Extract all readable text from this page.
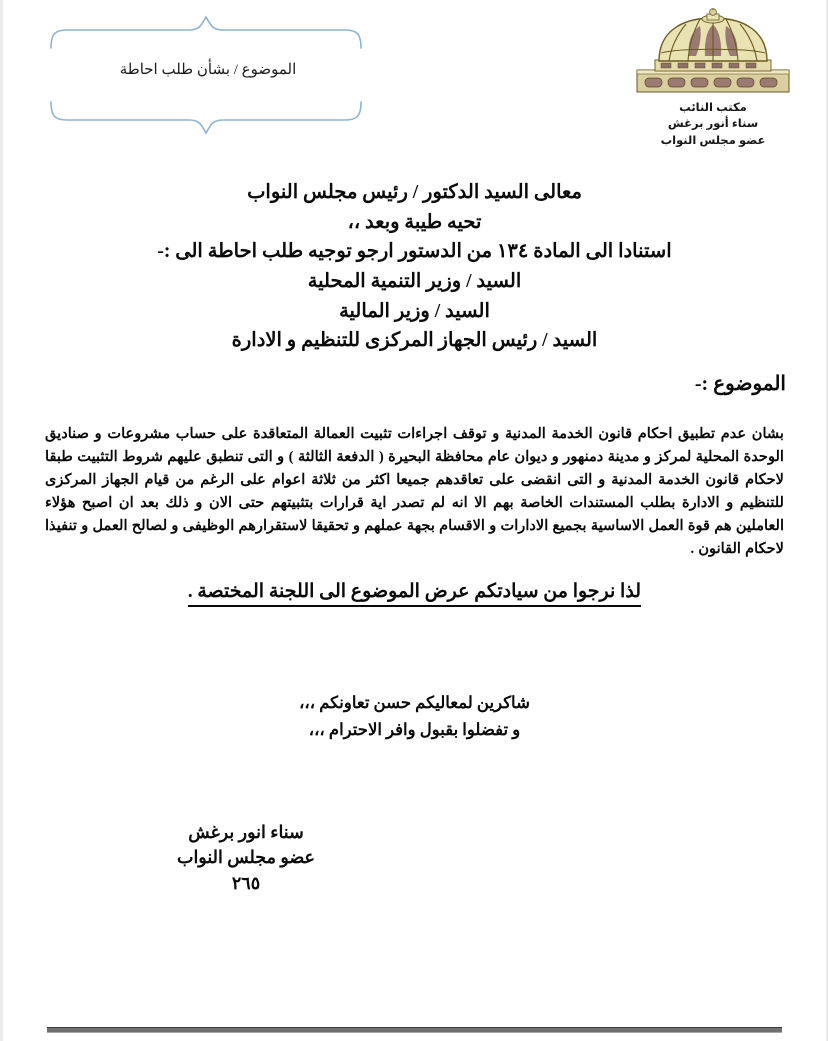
مكتب النائب
سناء أنور برغش
عضو مجلس النواب
الموضوع / بشأن طلب احاطة
معالى السيد الدكتور / رئيس مجلس النواب
تحيه طيبة وبعد ،،
استنادا الى المادة ١٣٤ من الدستور ارجو توجيه طلب احاطة الى :-
السيد / وزير التنمية المحلية
السيد / وزير المالية
السيد / رئيس الجهاز المركزى للتنظيم و الادارة
الموضوع :-
بشان عدم تطبيق احكام قانون الخدمة المدنية و توقف اجراءات تثبيت العمالة المتعاقدة على حساب مشروعات و صناديق الوحدة المحلية لمركز و مدينة دمنهور و ديوان عام محافظة البحيرة ( الدفعة الثالثة ) و التى تنطبق عليهم شروط التثبيت طبقا لاحكام قانون الخدمة المدنية و التى انقضى على تعاقدهم جميعا اكثر من ثلاثة اعوام على الرغم من قيام الجهاز المركزى للتنظيم و الادارة بطلب المستندات الخاصة بهم الا انه لم تصدر اية قرارات بتثبيتهم حتى الان و ذلك بعد ان اصبح هؤلاء العاملين هم قوة العمل الاساسية بجميع الادارات و الاقسام بجهة عملهم و تحقيقا لاستقرارهم الوظيفى و لصالح العمل و تنفيذا لاحكام القانون .
لذا نرجوا من سيادتكم عرض الموضوع الى اللجنة المختصة .
شاكرين لمعاليكم حسن تعاونكم ،،،
و تفضلوا بقبول وافر الاحترام ،،،
سناء انور برغش
عضو مجلس النواب
٢٦٥
